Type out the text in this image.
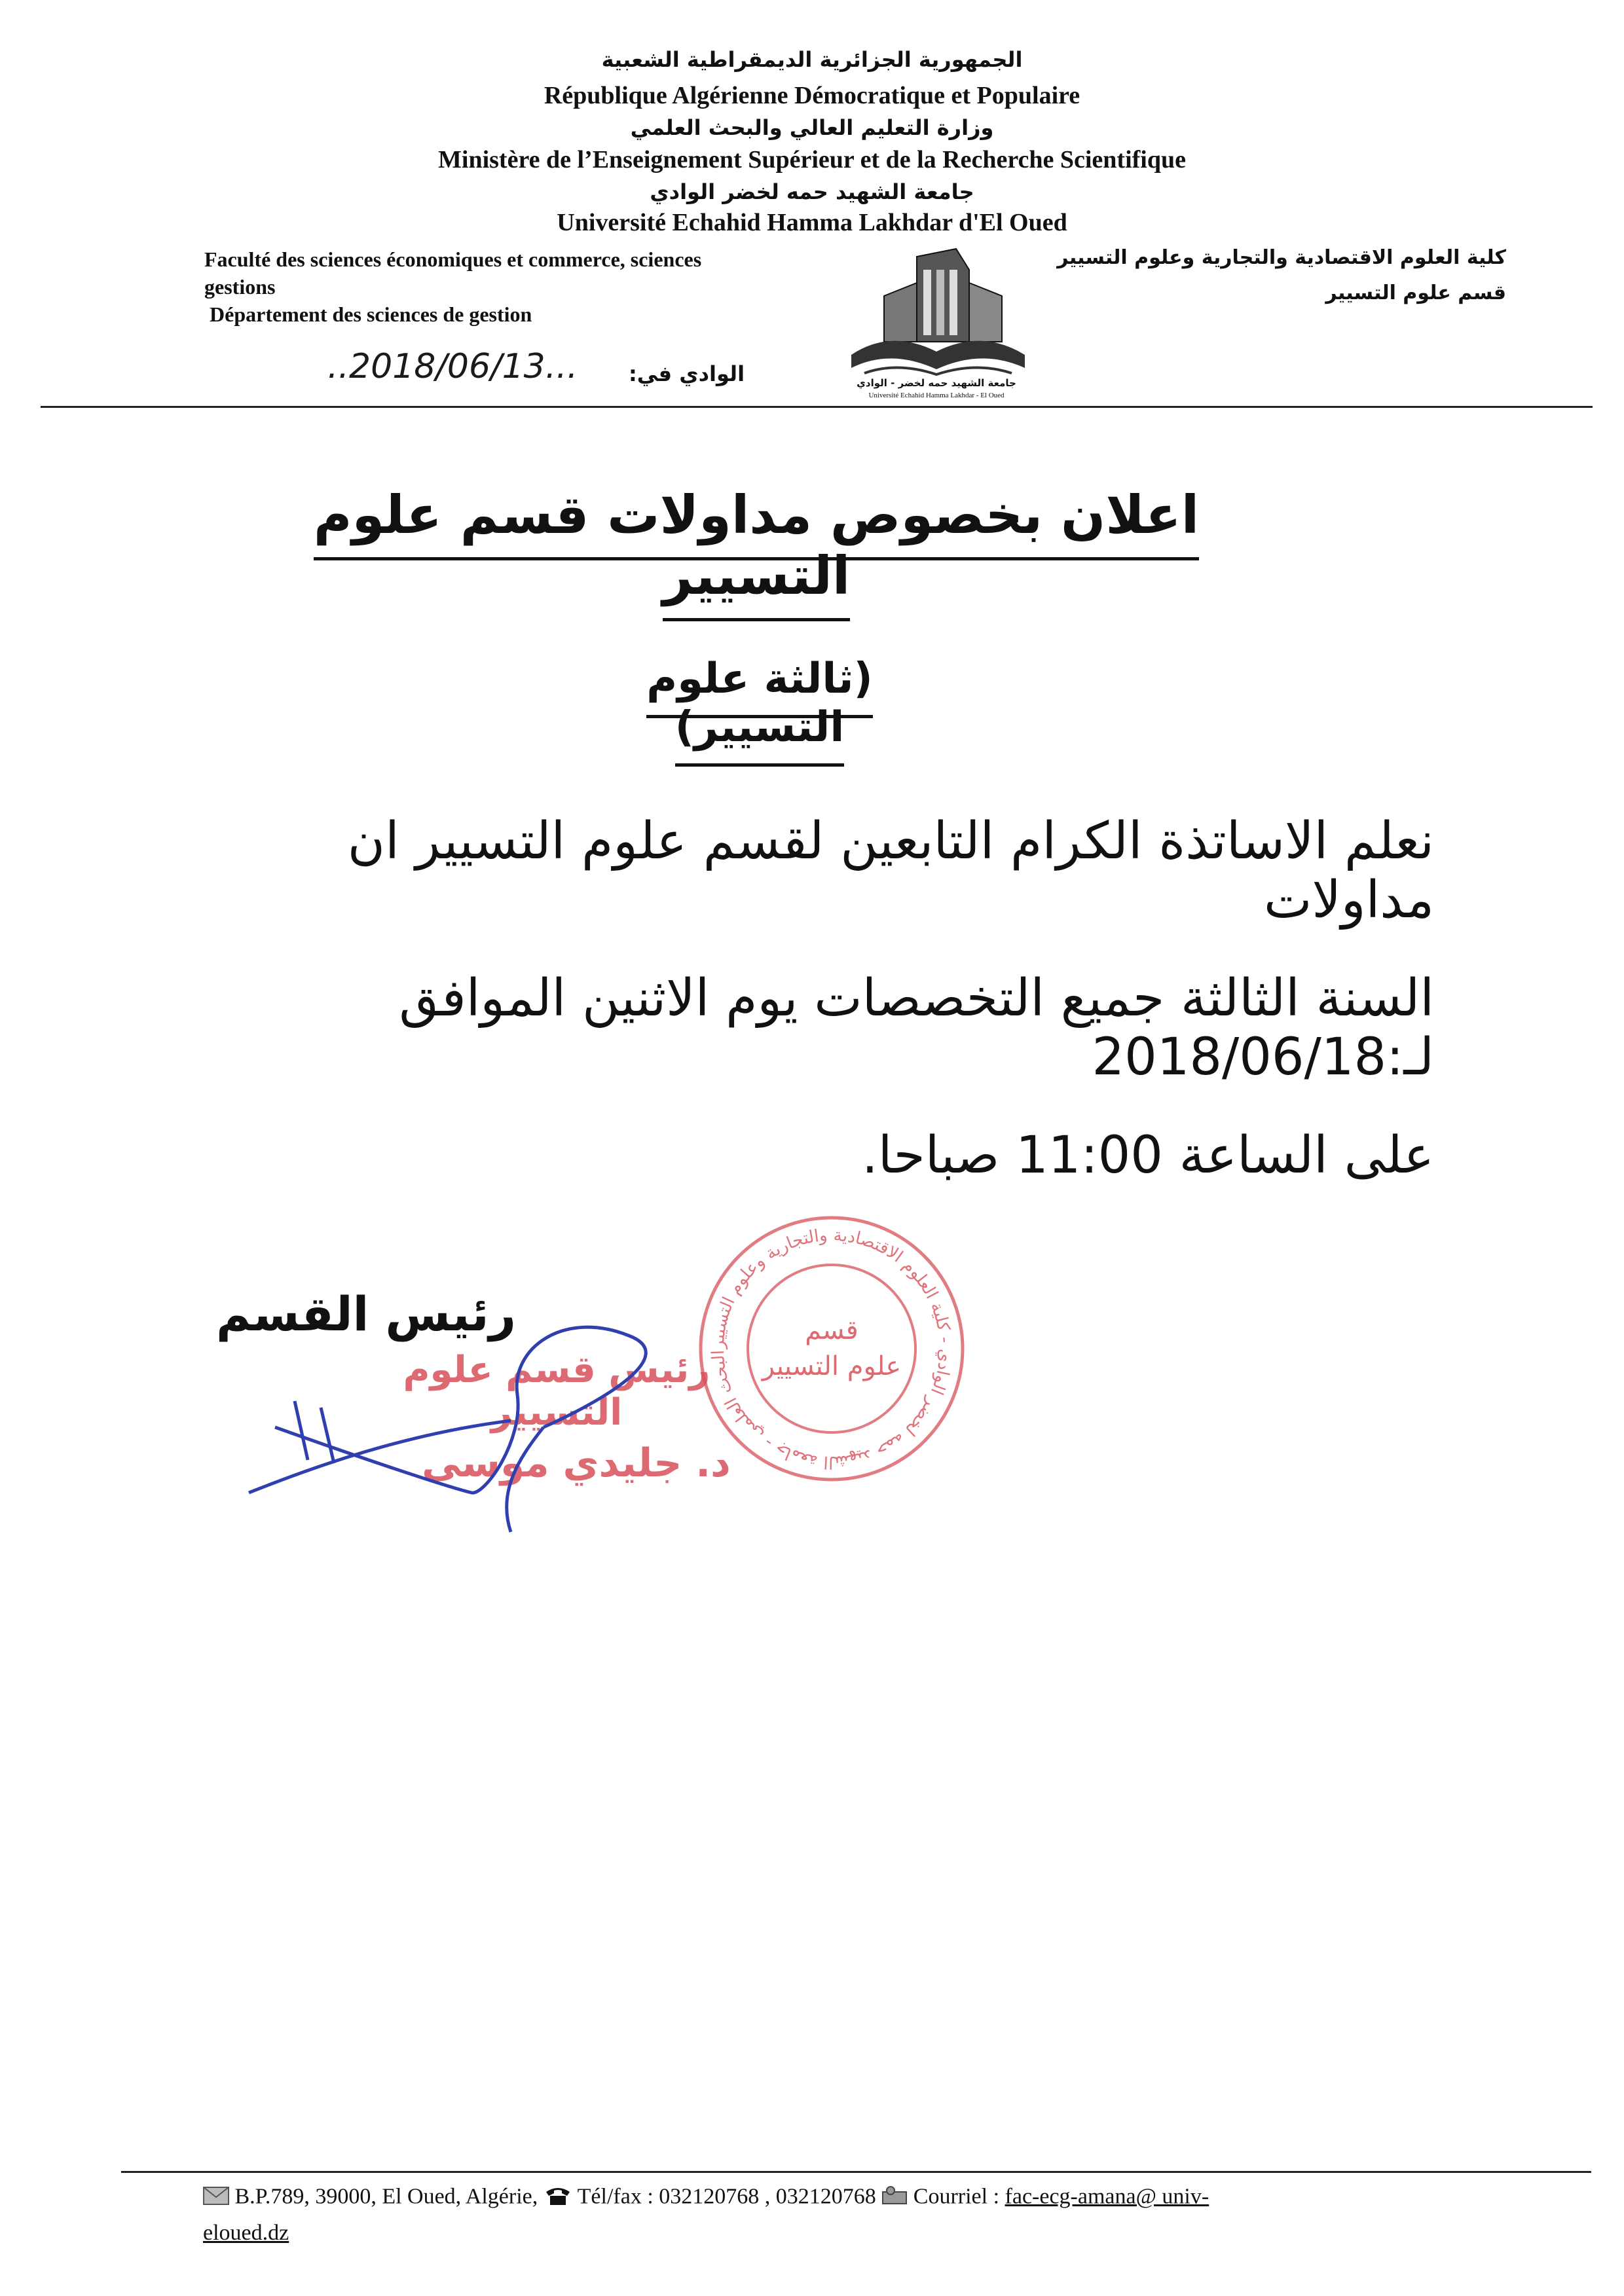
الجمهورية الجزائرية الديمقراطية الشعبية
République Algérienne Démocratique et Populaire
وزارة التعليم العالي والبحث العلمي
Ministère de l’Enseignement Supérieur et de la Recherche Scientifique
جامعة الشهيد حمه لخضر الوادي
Université Echahid Hamma Lakhdar d'El Oued
Faculté des sciences économiques et commerce, sciences
gestions
Département des sciences de gestion
كلية العلوم الاقتصادية والتجارية وعلوم التسيير
قسم علوم التسيير
جامعة الشهيد حمه لخضر - الوادي
Université Echahid Hamma Lakhdar - El Oued
الوادي في:
..2018/06/13...
اعلان بخصوص مداولات قسم علوم التسيير
(ثالثة علوم التسيير)
نعلم الاساتذة الكرام التابعين لقسم علوم التسيير ان مداولات
السنة الثالثة جميع التخصصات يوم الاثنين الموافق لـ:2018/06/18
على الساعة 11:00 صباحا.
رئيس القسم
البحث العلمي - جامعة الشهيد حمه لخضر الوادي - كلية العلوم الاقتصادية والتجارية وعلوم التسيير
قسم
علوم التسيير
رئيس قسم علوم التسيير
د. جليدي موسى
B.P.789, 39000, El Oued, Algérie, Tél/fax : 032120768 , 032120768 Courriel : fac-ecg-amana@ univ-
eloued.dz
